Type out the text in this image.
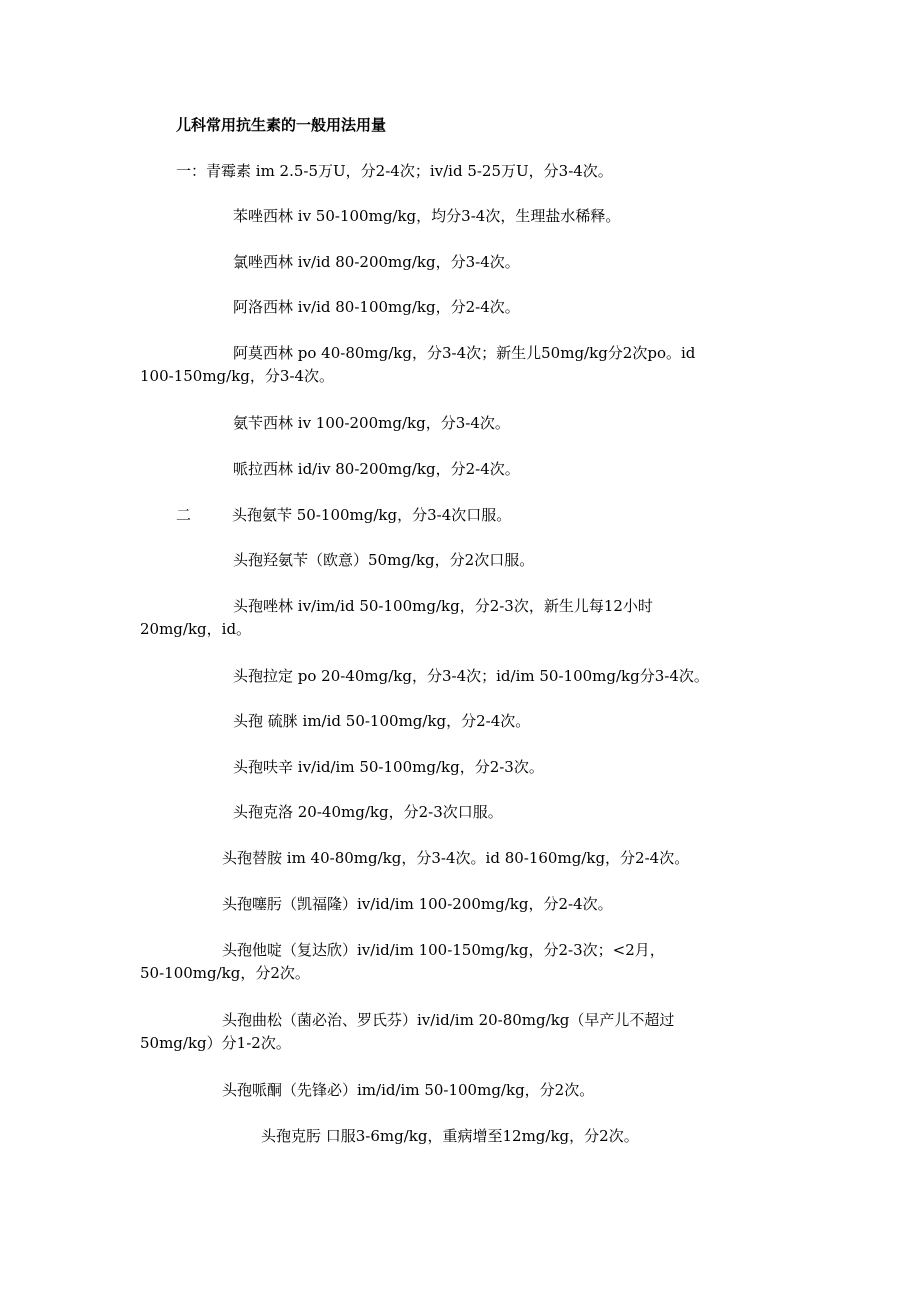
儿科常用抗生素的一般用法用量
一：青霉素 im 2.5-5万U，分2-4次；iv/id 5-25万U，分3-4次。
苯唑西林 iv 50-100mg/kg，均分3-4次，生理盐水稀释。
氯唑西林 iv/id 80-200mg/kg，分3-4次。
阿洛西林 iv/id 80-100mg/kg，分2-4次。
阿莫西林 po 40-80mg/kg，分3-4次；新生儿50mg/kg分2次po。id
100-150mg/kg，分3-4次。
氨苄西林 iv 100-200mg/kg，分3-4次。
哌拉西林 id/iv 80-200mg/kg，分2-4次。
二	头孢氨苄 50-100mg/kg，分3-4次口服。
头孢羟氨苄（欧意）50mg/kg，分2次口服。
头孢唑林 iv/im/id 50-100mg/kg，分2-3次，新生儿每12小时
20mg/kg，id。
头孢拉定 po 20-40mg/kg，分3-4次；id/im 50-100mg/kg分3-4次。
头孢 硫脒 im/id 50-100mg/kg，分2-4次。
头孢呋辛 iv/id/im 50-100mg/kg，分2-3次。
头孢克洛 20-40mg/kg，分2-3次口服。
头孢替胺 im 40-80mg/kg，分3-4次。id 80-160mg/kg，分2-4次。
头孢噻肟（凯福隆）iv/id/im 100-200mg/kg，分2-4次。
头孢他啶（复达欣）iv/id/im 100-150mg/kg，分2-3次；<2月，
50-100mg/kg，分2次。
头孢曲松（菌必治、罗氏芬）iv/id/im 20-80mg/kg（早产儿不超过
50mg/kg）分1-2次。
头孢哌酮（先锋必）im/id/im 50-100mg/kg，分2次。
头孢克肟 口服3-6mg/kg，重病增至12mg/kg，分2次。
